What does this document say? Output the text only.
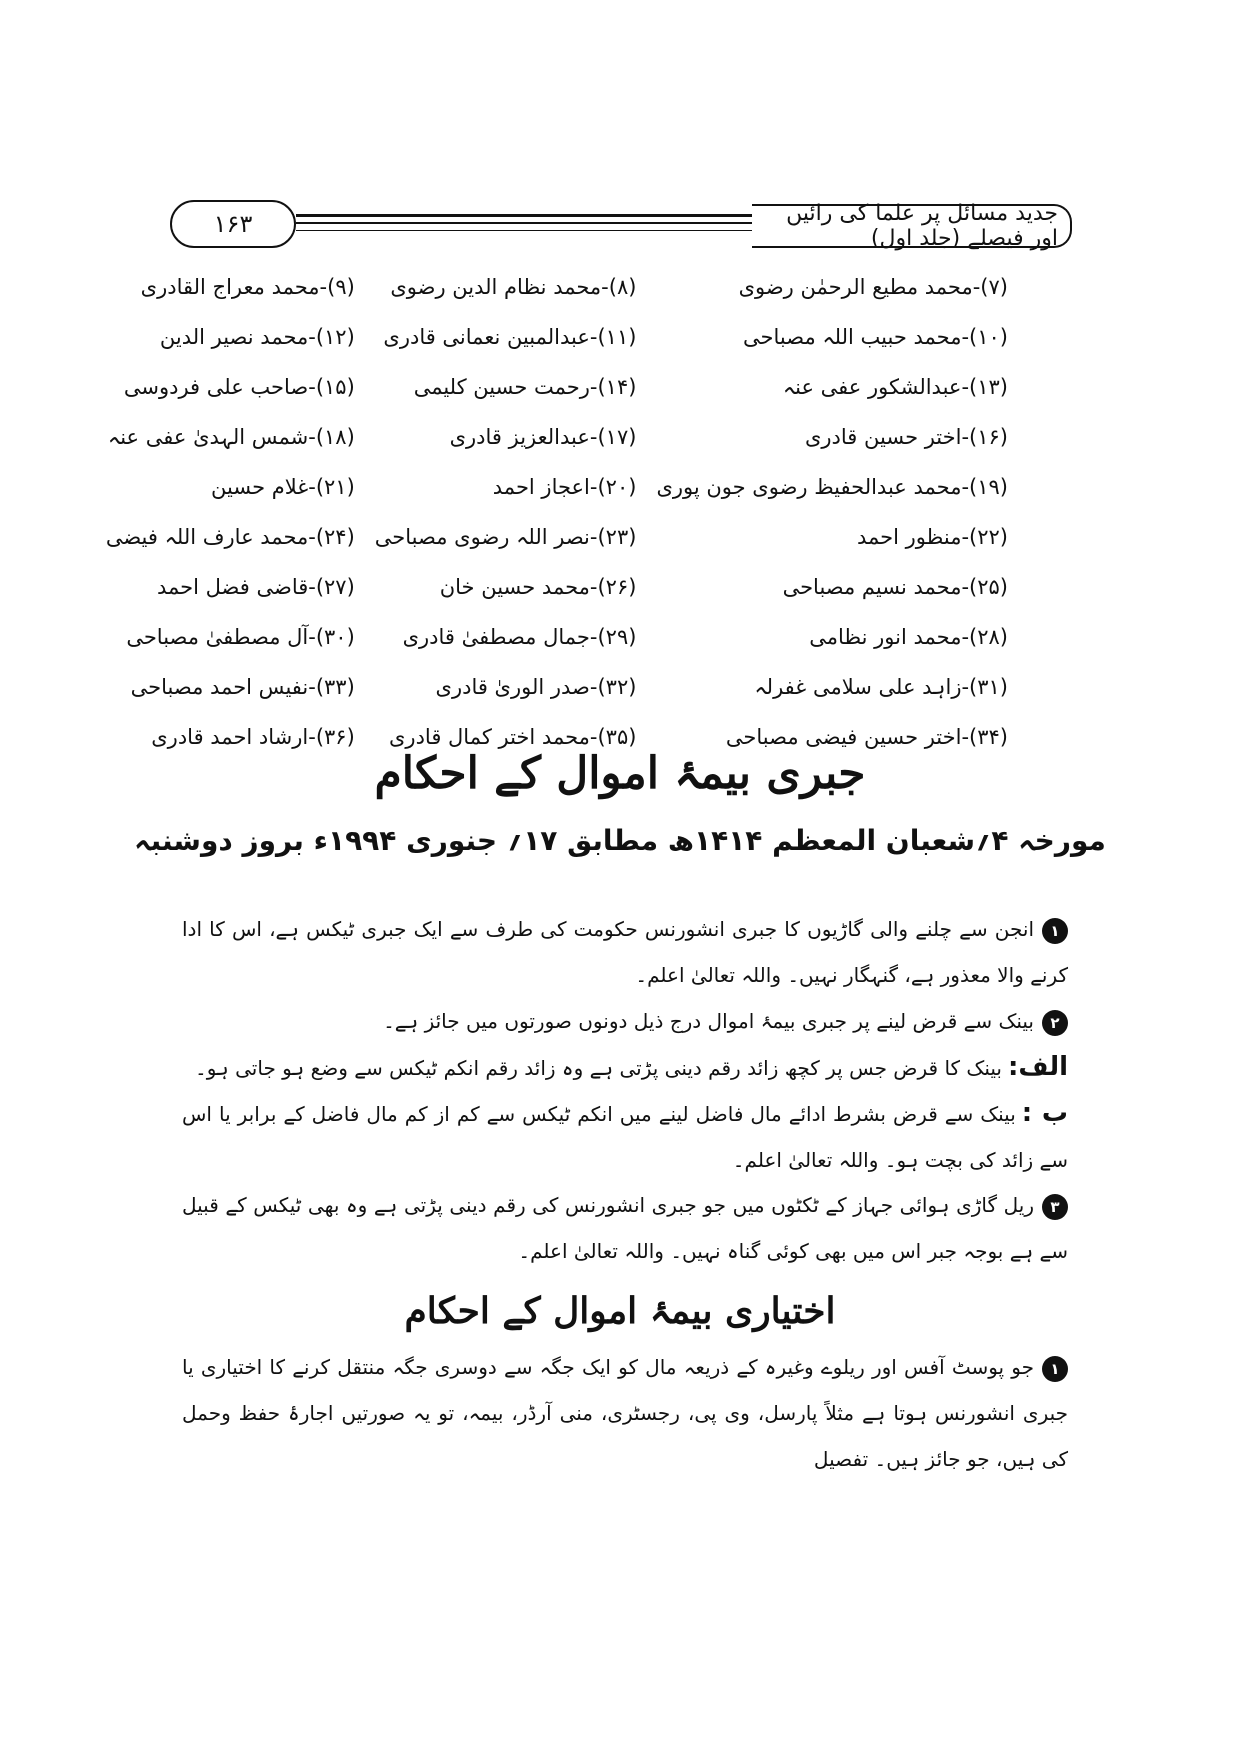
جدید مسائل پر علما کی رائیں اور فیصلے (جلد اول)
۱۶۳
(۷)-محمد مطیع الرحمٰن رضوی
(۸)-محمد نظام الدین رضوی
(۹)-محمد معراج القادری
(۱۰)-محمد حبیب اللہ مصباحی
(۱۱)-عبدالمبین نعمانی قادری
(۱۲)-محمد نصیر الدین
(۱۳)-عبدالشکور عفی عنہ
(۱۴)-رحمت حسین کلیمی
(۱۵)-صاحب علی فردوسی
(۱۶)-اختر حسین قادری
(۱۷)-عبدالعزیز قادری
(۱۸)-شمس الہدیٰ عفی عنہ
(۱۹)-محمد عبدالحفیظ رضوی جون پوری
(۲۰)-اعجاز احمد
(۲۱)-غلام حسین
(۲۲)-منظور احمد
(۲۳)-نصر اللہ رضوی مصباحی
(۲۴)-محمد عارف اللہ فیضی
(۲۵)-محمد نسیم مصباحی
(۲۶)-محمد حسین خان
(۲۷)-قاضی فضل احمد
(۲۸)-محمد انور نظامی
(۲۹)-جمال مصطفیٰ قادری
(۳۰)-آل مصطفیٰ مصباحی
(۳۱)-زاہد علی سلامی غفرلہ
(۳۲)-صدر الوریٰ قادری
(۳۳)-نفیس احمد مصباحی
(۳۴)-اختر حسین فیضی مصباحی
(۳۵)-محمد اختر کمال قادری
(۳۶)-ارشاد احمد قادری
جبری بیمۂ اموال کے احکام
مورخہ ۴؍شعبان المعظم ۱۴۱۴ھ مطابق ۱۷؍ جنوری ۱۹۹۴ء بروز دوشنبہ
۱انجن سے چلنے والی گاڑیوں کا جبری انشورنس حکومت کی طرف سے ایک جبری ٹیکس ہے، اس کا ادا کرنے والا معذور ہے، گنہگار نہیں۔ واللہ تعالیٰ اعلم۔
۲بینک سے قرض لینے پر جبری بیمۂ اموال درج ذیل دونوں صورتوں میں جائز ہے۔
الف:بینک کا قرض جس پر کچھ زائد رقم دینی پڑتی ہے وہ زائد رقم انکم ٹیکس سے وضع ہو جاتی ہو۔
ب :بینک سے قرض بشرط ادائے مال فاضل لینے میں انکم ٹیکس سے کم از کم مال فاضل کے برابر یا اس سے زائد کی بچت ہو۔ واللہ تعالیٰ اعلم۔
۳ریل گاڑی ہوائی جہاز کے ٹکٹوں میں جو جبری انشورنس کی رقم دینی پڑتی ہے وہ بھی ٹیکس کے قبیل سے ہے بوجہ جبر اس میں بھی کوئی گناہ نہیں۔ واللہ تعالیٰ اعلم۔
اختیاری بیمۂ اموال کے احکام
۱جو پوسٹ آفس اور ریلوے وغیرہ کے ذریعہ مال کو ایک جگہ سے دوسری جگہ منتقل کرنے کا اختیاری یا جبری انشورنس ہوتا ہے مثلاً پارسل، وی پی، رجسٹری، منی آرڈر، بیمہ، تو یہ صورتیں اجارۂ حفظ وحمل کی ہیں، جو جائز ہیں۔ تفصیل
